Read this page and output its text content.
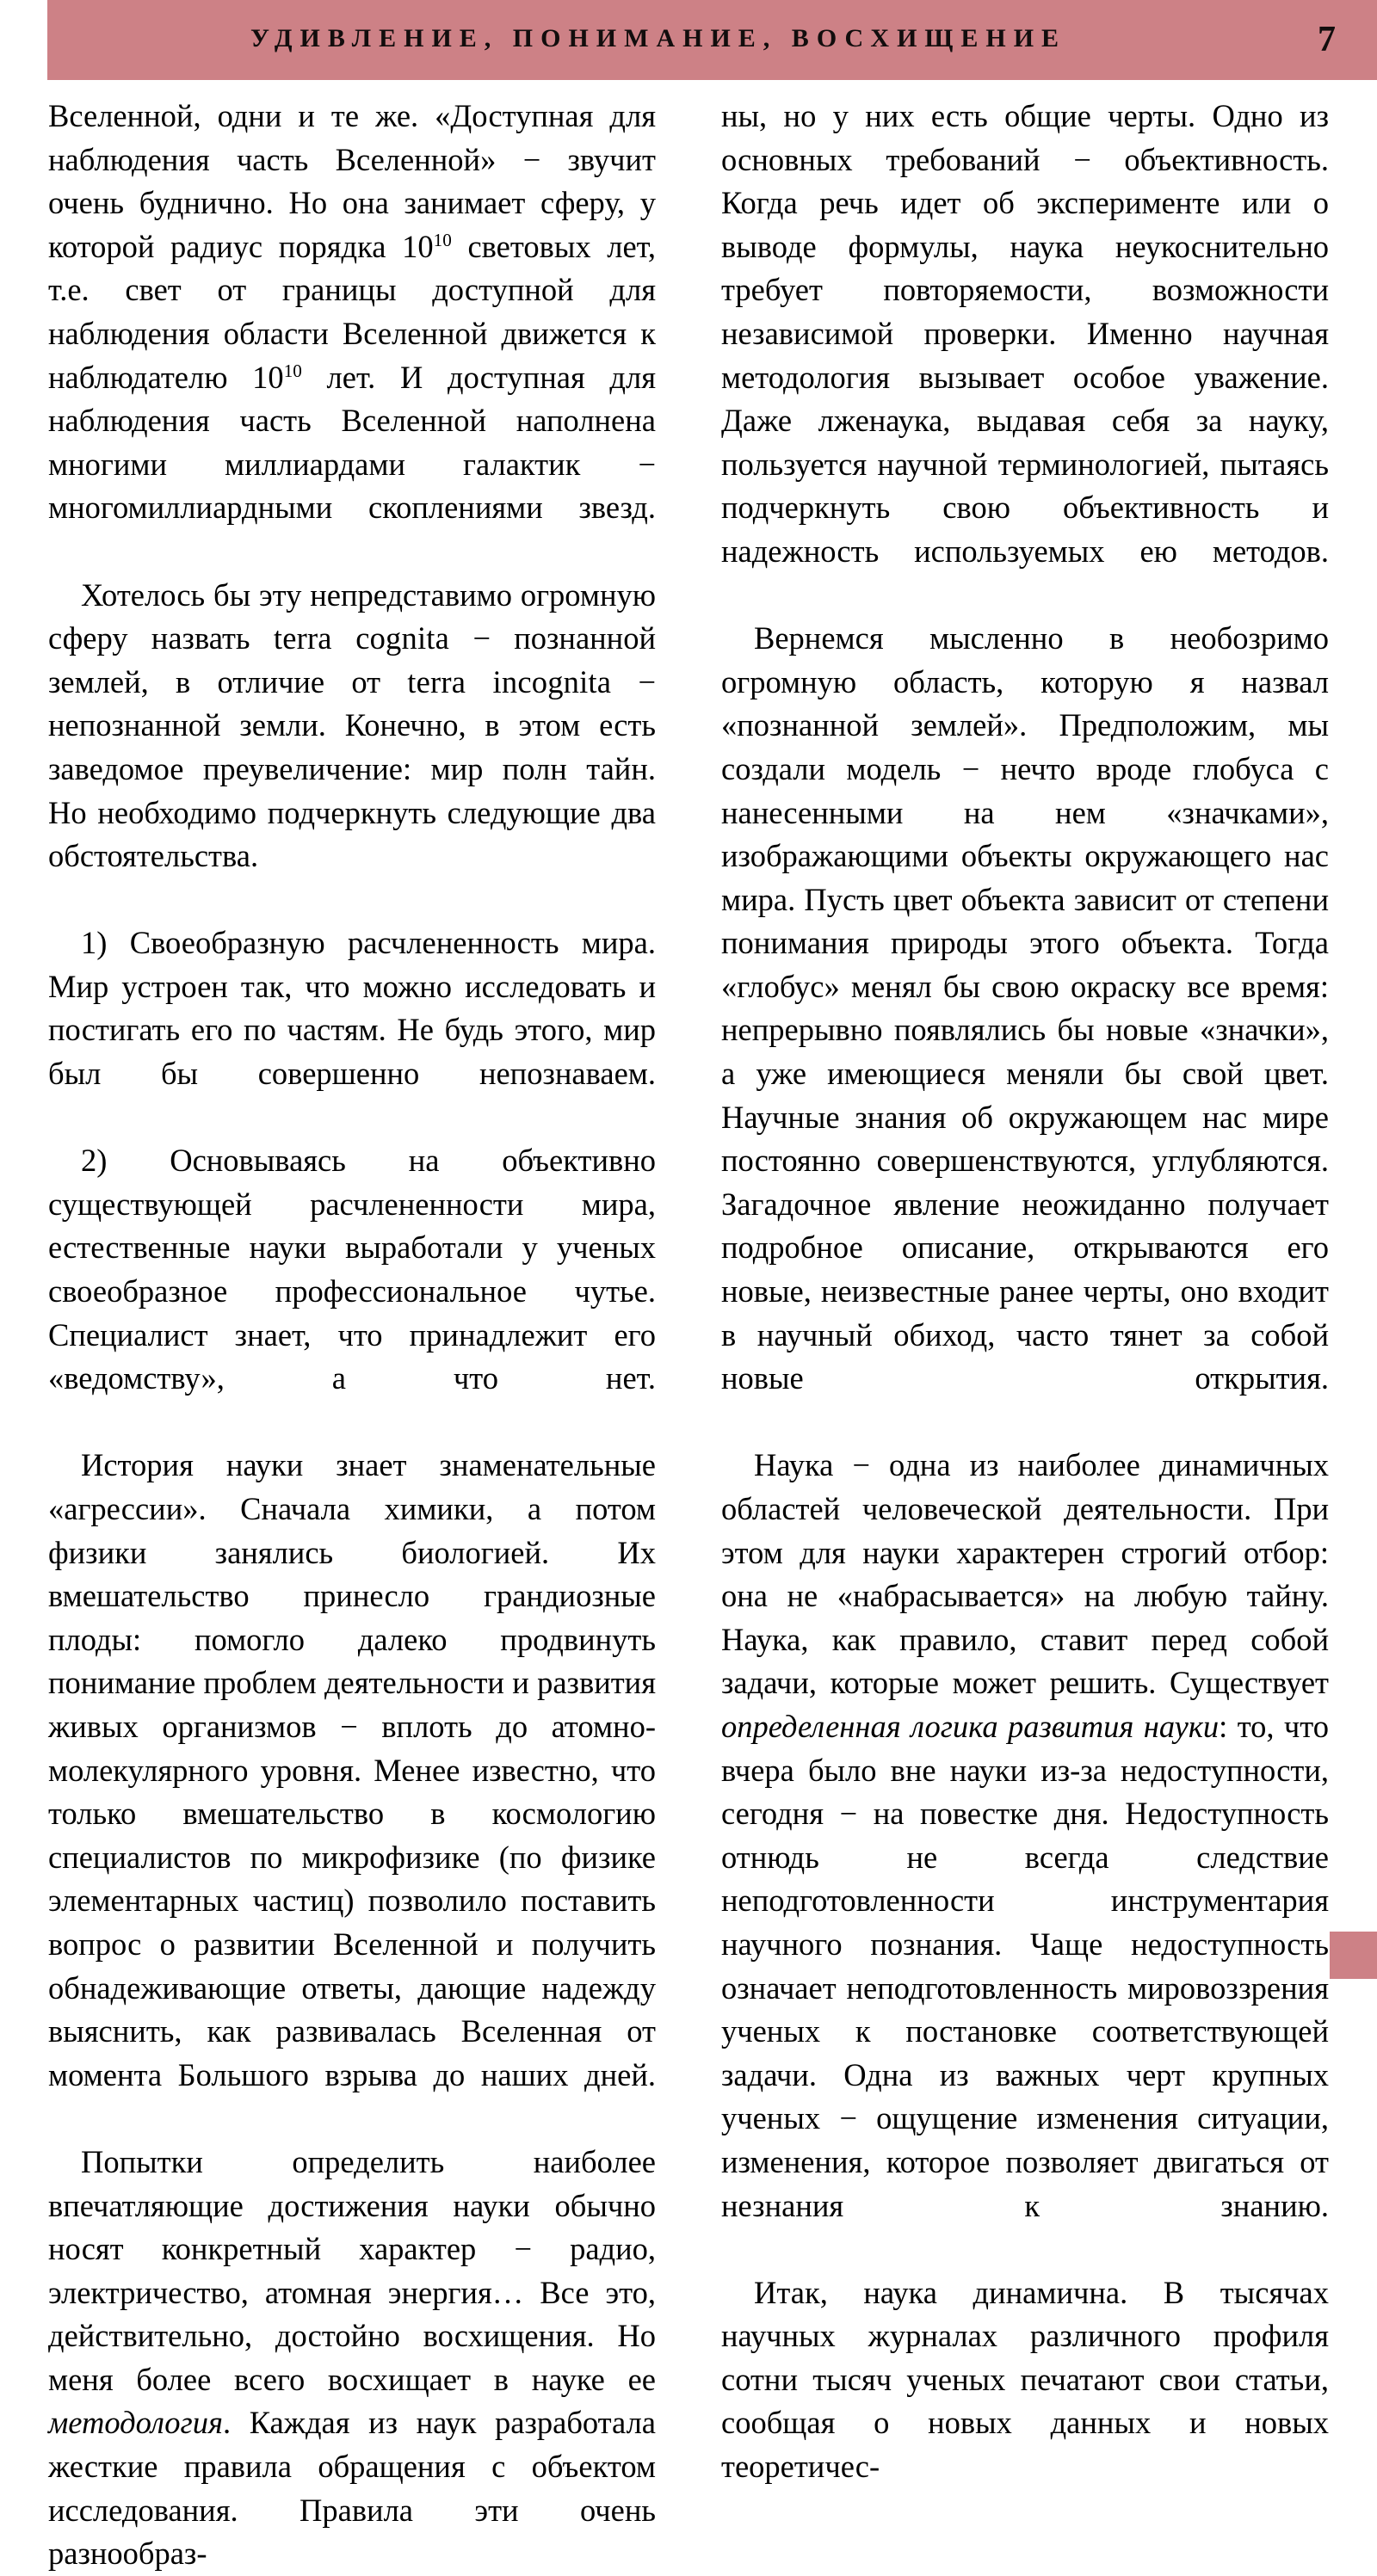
УДИВЛЕНИЕ, ПОНИМАНИЕ, ВОСХИЩЕНИЕ	7

Вселенной, одни и те же. «Доступная для наблюдения часть Вселенной» − звучит очень буднично. Но она занимает сферу, у которой радиус порядка $10^{10}$ световых лет, т.е. свет от границы доступной для наблюдения области Вселенной движется к наблюдателю $10^{10}$ лет. И доступная для наблюдения часть Вселенной наполнена многими миллиардами галактик − многомиллиардными скоплениями звезд.

Хотелось бы эту непредставимо огромную сферу назвать terra cognita − познанной землей, в отличие от terra incognita − непознанной земли. Конечно, в этом есть заведомое преувеличение: мир полн тайн. Но необходимо подчеркнуть следующие два обстоятельства.

1) Своеобразную расчлененность мира. Мир устроен так, что можно исследовать и постигать его по частям. Не будь этого, мир был бы совершенно непознаваем.

2) Основываясь на объективно существующей расчлененности мира, естественные науки выработали у ученых своеобразное профессиональное чутье. Специалист знает, что принадлежит его «ведомству», а что нет.

История науки знает знаменательные «агрессии». Сначала химики, а потом физики занялись биологией. Их вмешательство принесло грандиозные плоды: помогло далеко продвинуть понимание проблем деятельности и развития живых организмов − вплоть до атомно-молекулярного уровня. Менее известно, что только вмешательство в космологию специалистов по микрофизике (по физике элементарных частиц) позволило поставить вопрос о развитии Вселенной и получить обнадеживающие ответы, дающие надежду выяснить, как развивалась Вселенная от момента Большого взрыва до наших дней.

Попытки определить наиболее впечатляющие достижения науки обычно носят конкретный характер − радио, электричество, атомная энергия… Все это, действительно, достойно восхищения. Но меня более всего восхищает в науке ее методология. Каждая из наук разработала жесткие правила обращения с объектом исследования. Правила эти очень разнообраз-

ны, но у них есть общие черты. Одно из основных требований − объективность. Когда речь идет об эксперименте или о выводе формулы, наука неукоснительно требует повторяемости, возможности независимой проверки. Именно научная методология вызывает особое уважение. Даже лженаука, выдавая себя за науку, пользуется научной терминологией, пытаясь подчеркнуть свою объективность и надежность используемых ею методов.

Вернемся мысленно в необозримо огромную область, которую я назвал «познанной землей». Предположим, мы создали модель − нечто вроде глобуса с нанесенными на нем «значками», изображающими объекты окружающего нас мира. Пусть цвет объекта зависит от степени понимания природы этого объекта. Тогда «глобус» менял бы свою окраску все время: непрерывно появлялись бы новые «значки», а уже имеющиеся меняли бы свой цвет. Научные знания об окружающем нас мире постоянно совершенствуются, углубляются. Загадочное явление неожиданно получает подробное описание, открываются его новые, неизвестные ранее черты, оно входит в научный обиход, часто тянет за собой новые открытия.

Наука − одна из наиболее динамичных областей человеческой деятельности. При этом для науки характерен строгий отбор: она не «набрасывается» на любую тайну. Наука, как правило, ставит перед собой задачи, которые может решить. Существует определенная логика развития науки: то, что вчера было вне науки из-за недоступности, сегодня − на повестке дня. Недоступность отнюдь не всегда следствие неподготовленности инструментария научного познания. Чаще недоступность означает неподготовленность мировоззрения ученых к постановке соответствующей задачи. Одна из важных черт крупных ученых − ощущение изменения ситуации, изменения, которое позволяет двигаться от незнания к знанию.

Итак, наука динамична. В тысячах научных журналах различного профиля сотни тысяч ученых печатают свои статьи, сообщая о новых данных и новых теоретичес-
